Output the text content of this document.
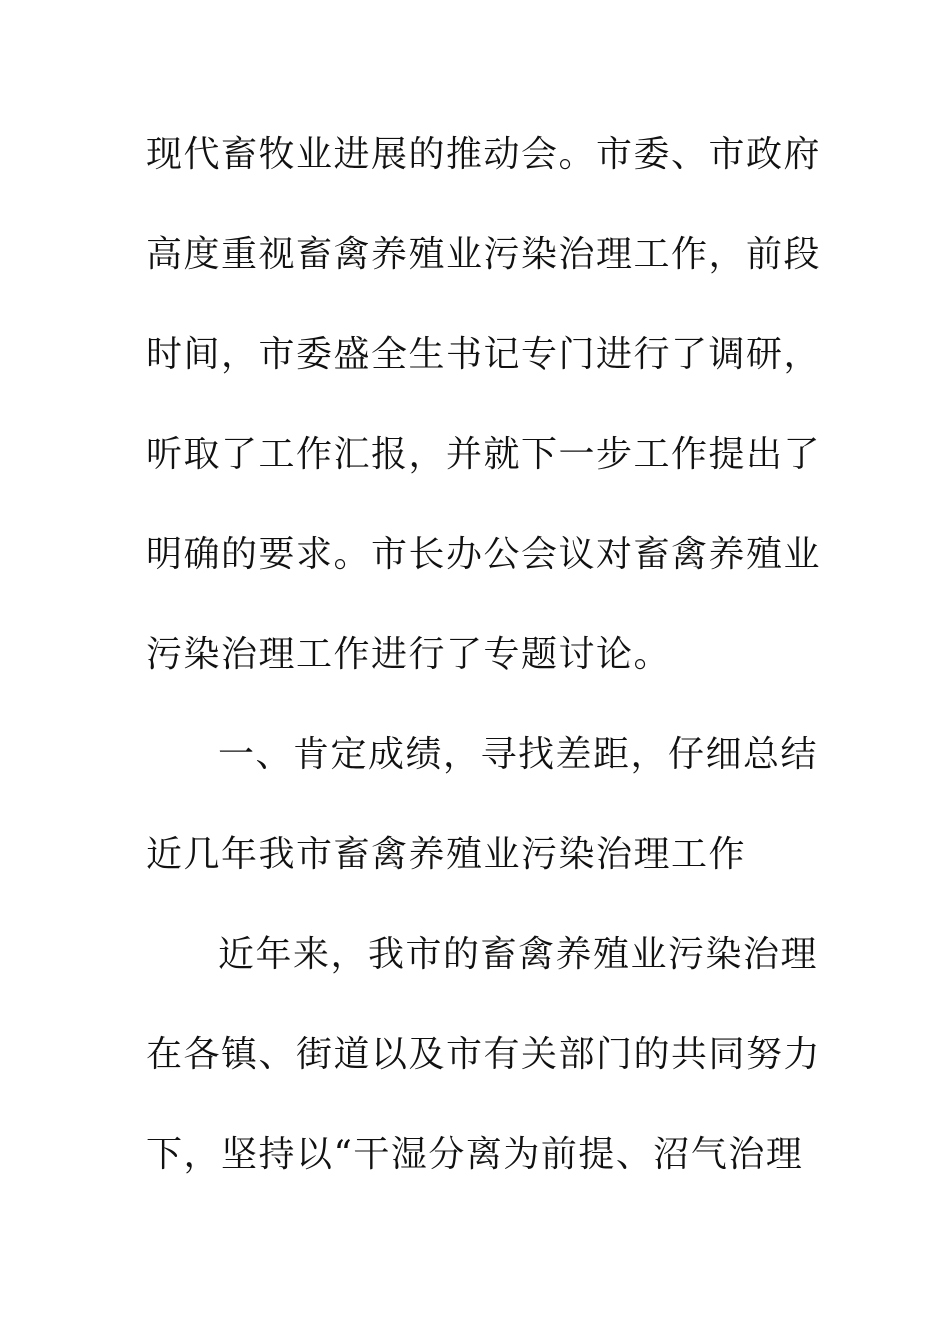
现代畜牧业进展的推动会。市委、市政府
高度重视畜禽养殖业污染治理工作，前段
时间，市委盛全生书记专门进行了调研，
听取了工作汇报，并就下一步工作提出了
明确的要求。市长办公会议对畜禽养殖业
污染治理工作进行了专题讨论。
一、肯定成绩，寻找差距，仔细总结
近几年我市畜禽养殖业污染治理工作
近年来，我市的畜禽养殖业污染治理
在各镇、街道以及市有关部门的共同努力
下，坚持以“干湿分离为前提、沼气治理
